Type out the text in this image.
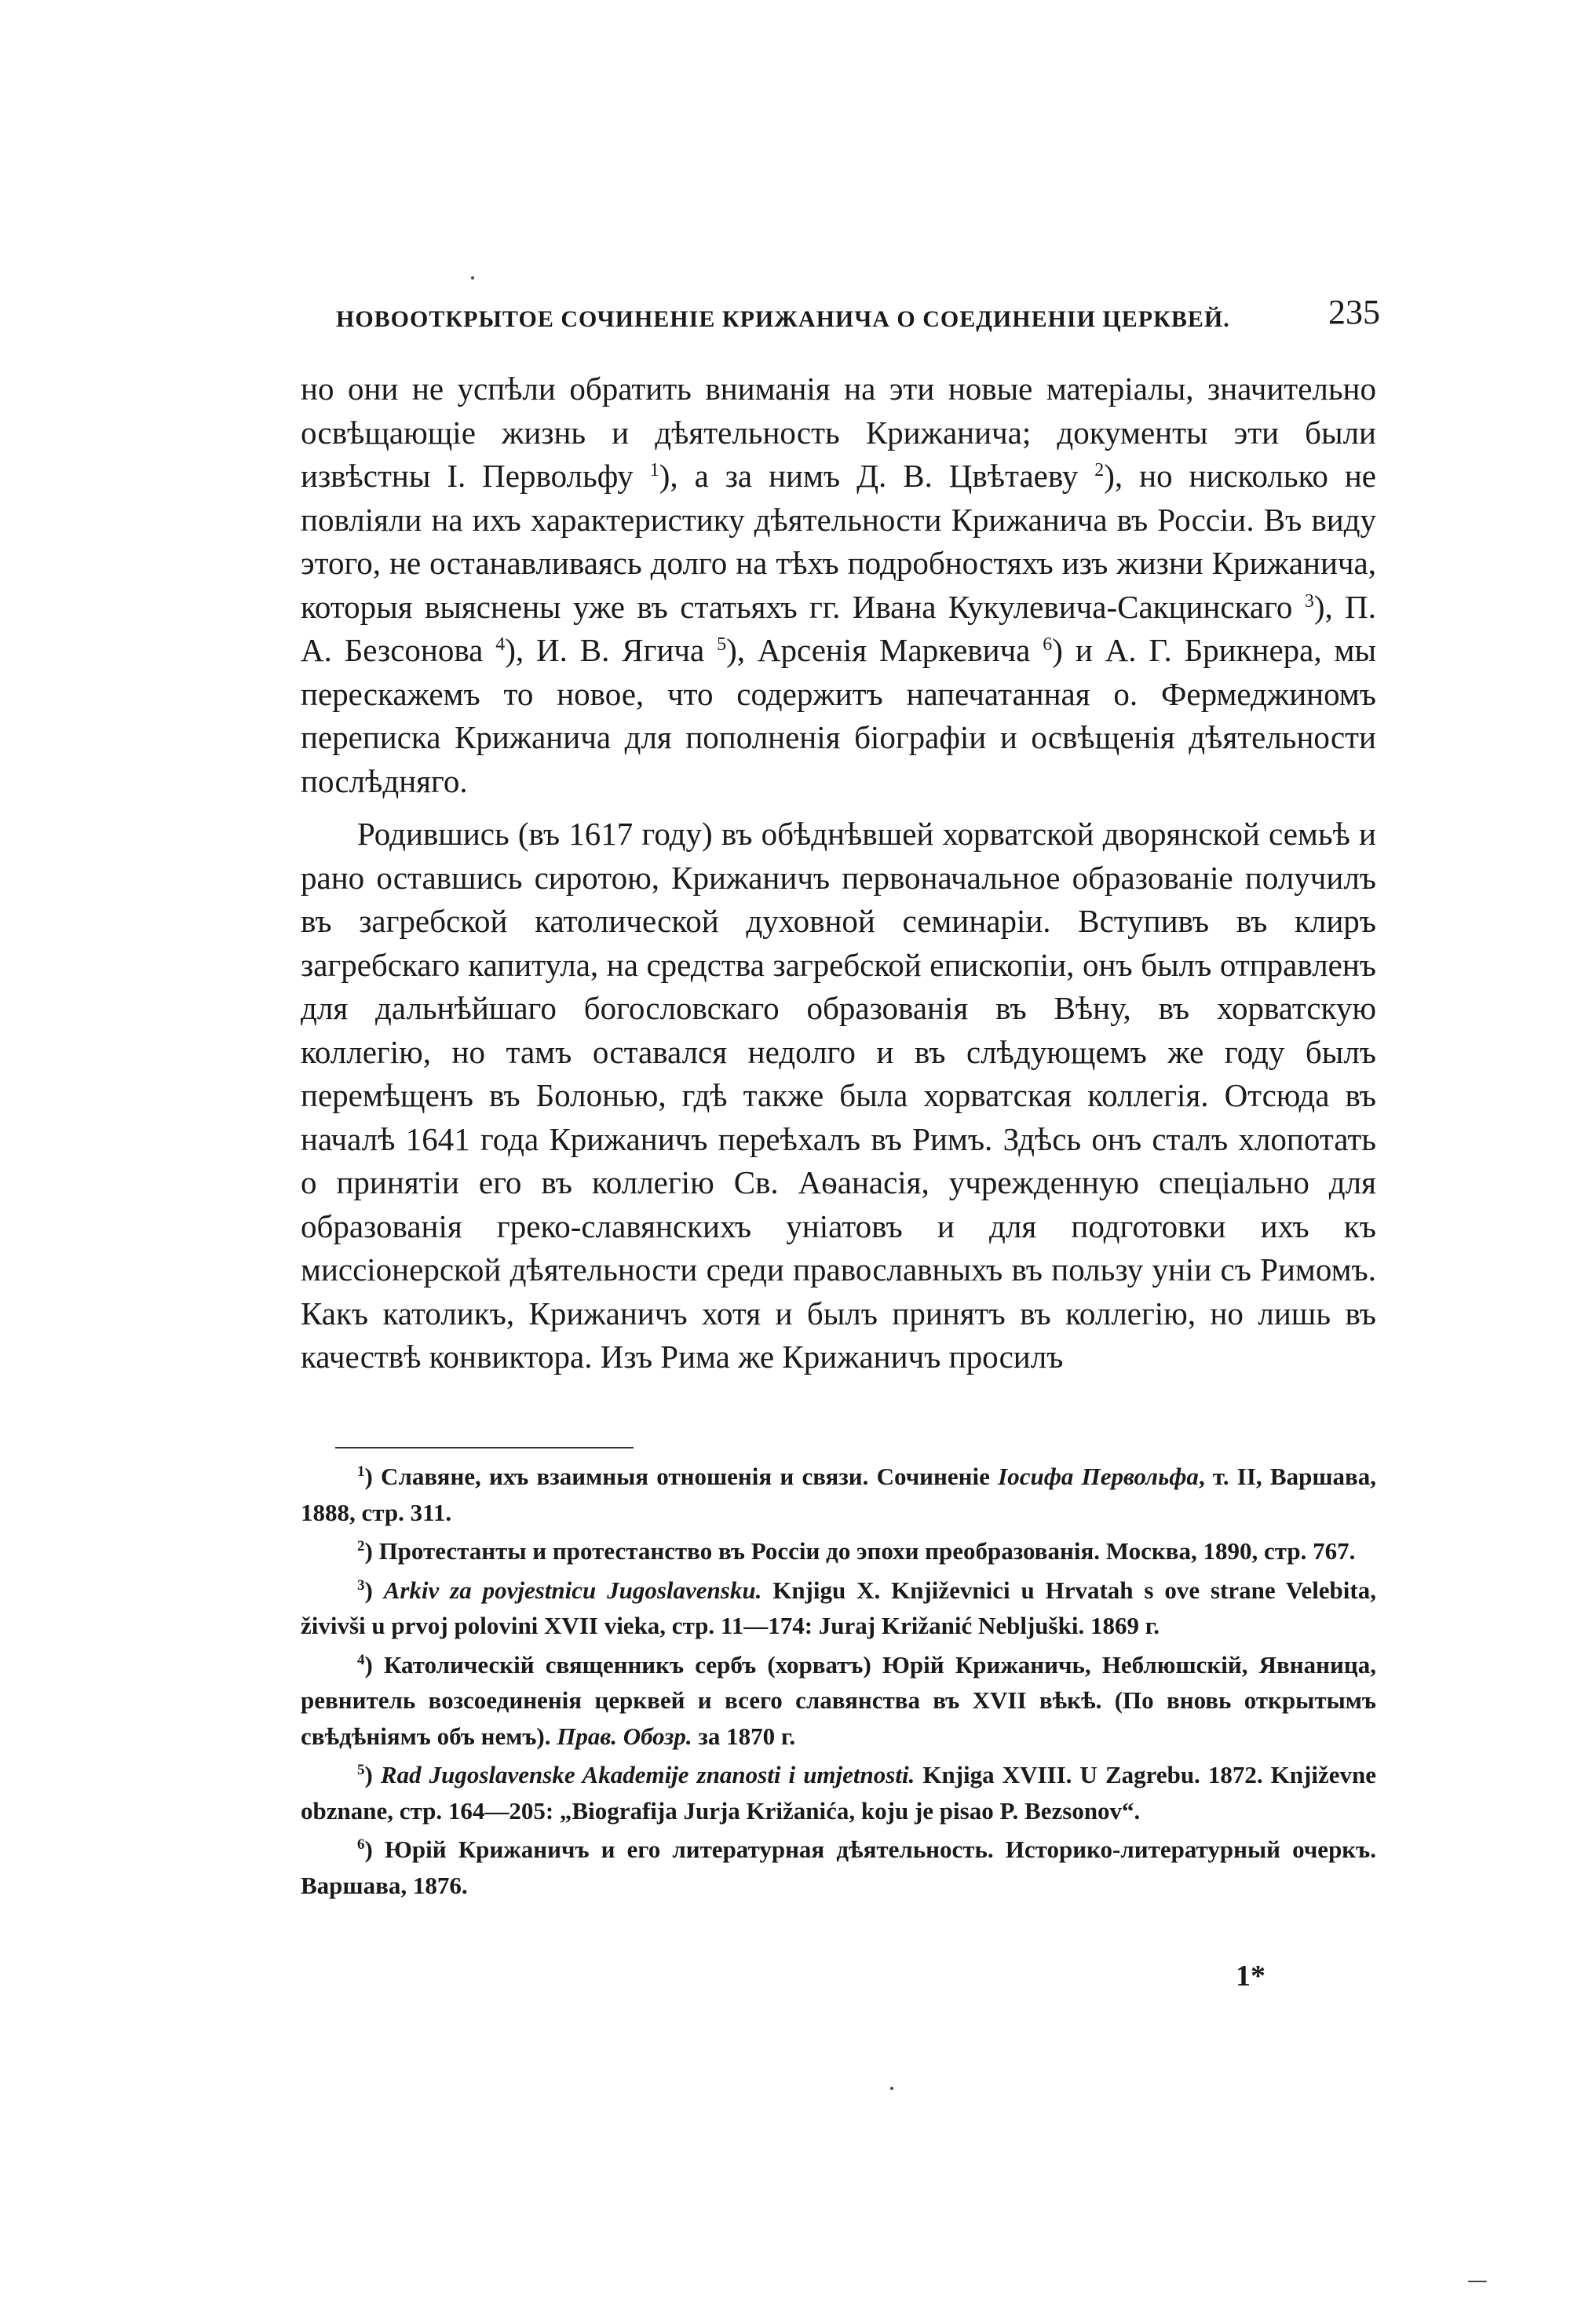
НОВООТКРЫТОЕ СОЧИНЕНІЕ КРИЖАНИЧА О СОЕДИНЕНІИ ЦЕРКВЕЙ.	235

но они не успѣли обратить вниманія на эти новые матеріалы, значительно освѣщающіе жизнь и дѣятельность Крижанича; документы эти были извѣстны І. Первольфу $^1$), а за нимъ Д. В. Цвѣтаеву $^2$), но нисколько не повліяли на ихъ характеристику дѣятельности Крижанича въ Россіи. Въ виду этого, не останавливаясь долго на тѣхъ подробностяхъ изъ жизни Крижанича, которыя выяснены уже въ статьяхъ гг. Ивана Кукулевича-Сакцинскаго $^3$), П. А. Безсонова $^4$), И. В. Ягича $^5$), Арсенія Маркевича $^6$) и А. Г. Брикнера, мы перескажемъ то новое, что содержитъ напечатанная о. Фермеджиномъ переписка Крижанича для пополненія біографіи и освѣщенія дѣятельности послѣдняго.

Родившись (въ 1617 году) въ обѣднѣвшей хорватской дворянской семьѣ и рано оставшись сиротою, Крижаничъ первоначальное образованіе получилъ въ загребской католической духовной семинаріи. Вступивъ въ клиръ загребскаго капитула, на средства загребской епископіи, онъ былъ отправленъ для дальнѣйшаго богословскаго образованія въ Вѣну, въ хорватскую коллегію, но тамъ оставался недолго и въ слѣдующемъ же году былъ перемѣщенъ въ Болонью, гдѣ также была хорватская коллегія. Отсюда въ началѣ 1641 года Крижаничъ переѣхалъ въ Римъ. Здѣсь онъ сталъ хлопотать о принятіи его въ коллегію Св. Аѳанасія, учрежденную спеціально для образованія греко-славянскихъ уніатовъ и для подготовки ихъ къ миссіонерской дѣятельности среди православныхъ въ пользу уніи съ Римомъ. Какъ католикъ, Крижаничъ хотя и былъ принятъ въ коллегію, но лишь въ качествѣ конвиктора. Изъ Рима же Крижаничъ просилъ

$^1$) Славяне, ихъ взаимныя отношенія и связи. Сочиненіе Іосифа Первольфа, т. II, Варшава, 1888, стр. 311.

$^2$) Протестанты и протестанство въ Россіи до эпохи преобразованія. Москва, 1890, стр. 767.

$^3$) Arkiv za povjestnicu Jugoslavensku. Knjigu X. Književnici u Hrvatah s ove strane Velebita, živivši u prvoj polovini XVII vieka, стр. 11—174: Juraj Križanić Nebljuški. 1869 г.

$^4$) Католическій священникъ сербъ (хорватъ) Юрій Крижаничь, Неблюшскій, Явнаница, ревнитель возсоединенія церквей и всего славянства въ XVII вѣкѣ. (По вновь открытымъ свѣдѣніямъ объ немъ). Прав. Обозр. за 1870 г.

$^5$) Rad Jugoslavenske Akademije znanosti i umjetnosti. Knjiga XVIII. U Zagrebu. 1872. Književne obznane, стр. 164—205: „Biografija Jurja Križanića, koju je pisao P. Bezsonov“.

$^6$) Юрій Крижаничъ и его литературная дѣятельность. Историко-литературный очеркъ. Варшава, 1876.

1*
